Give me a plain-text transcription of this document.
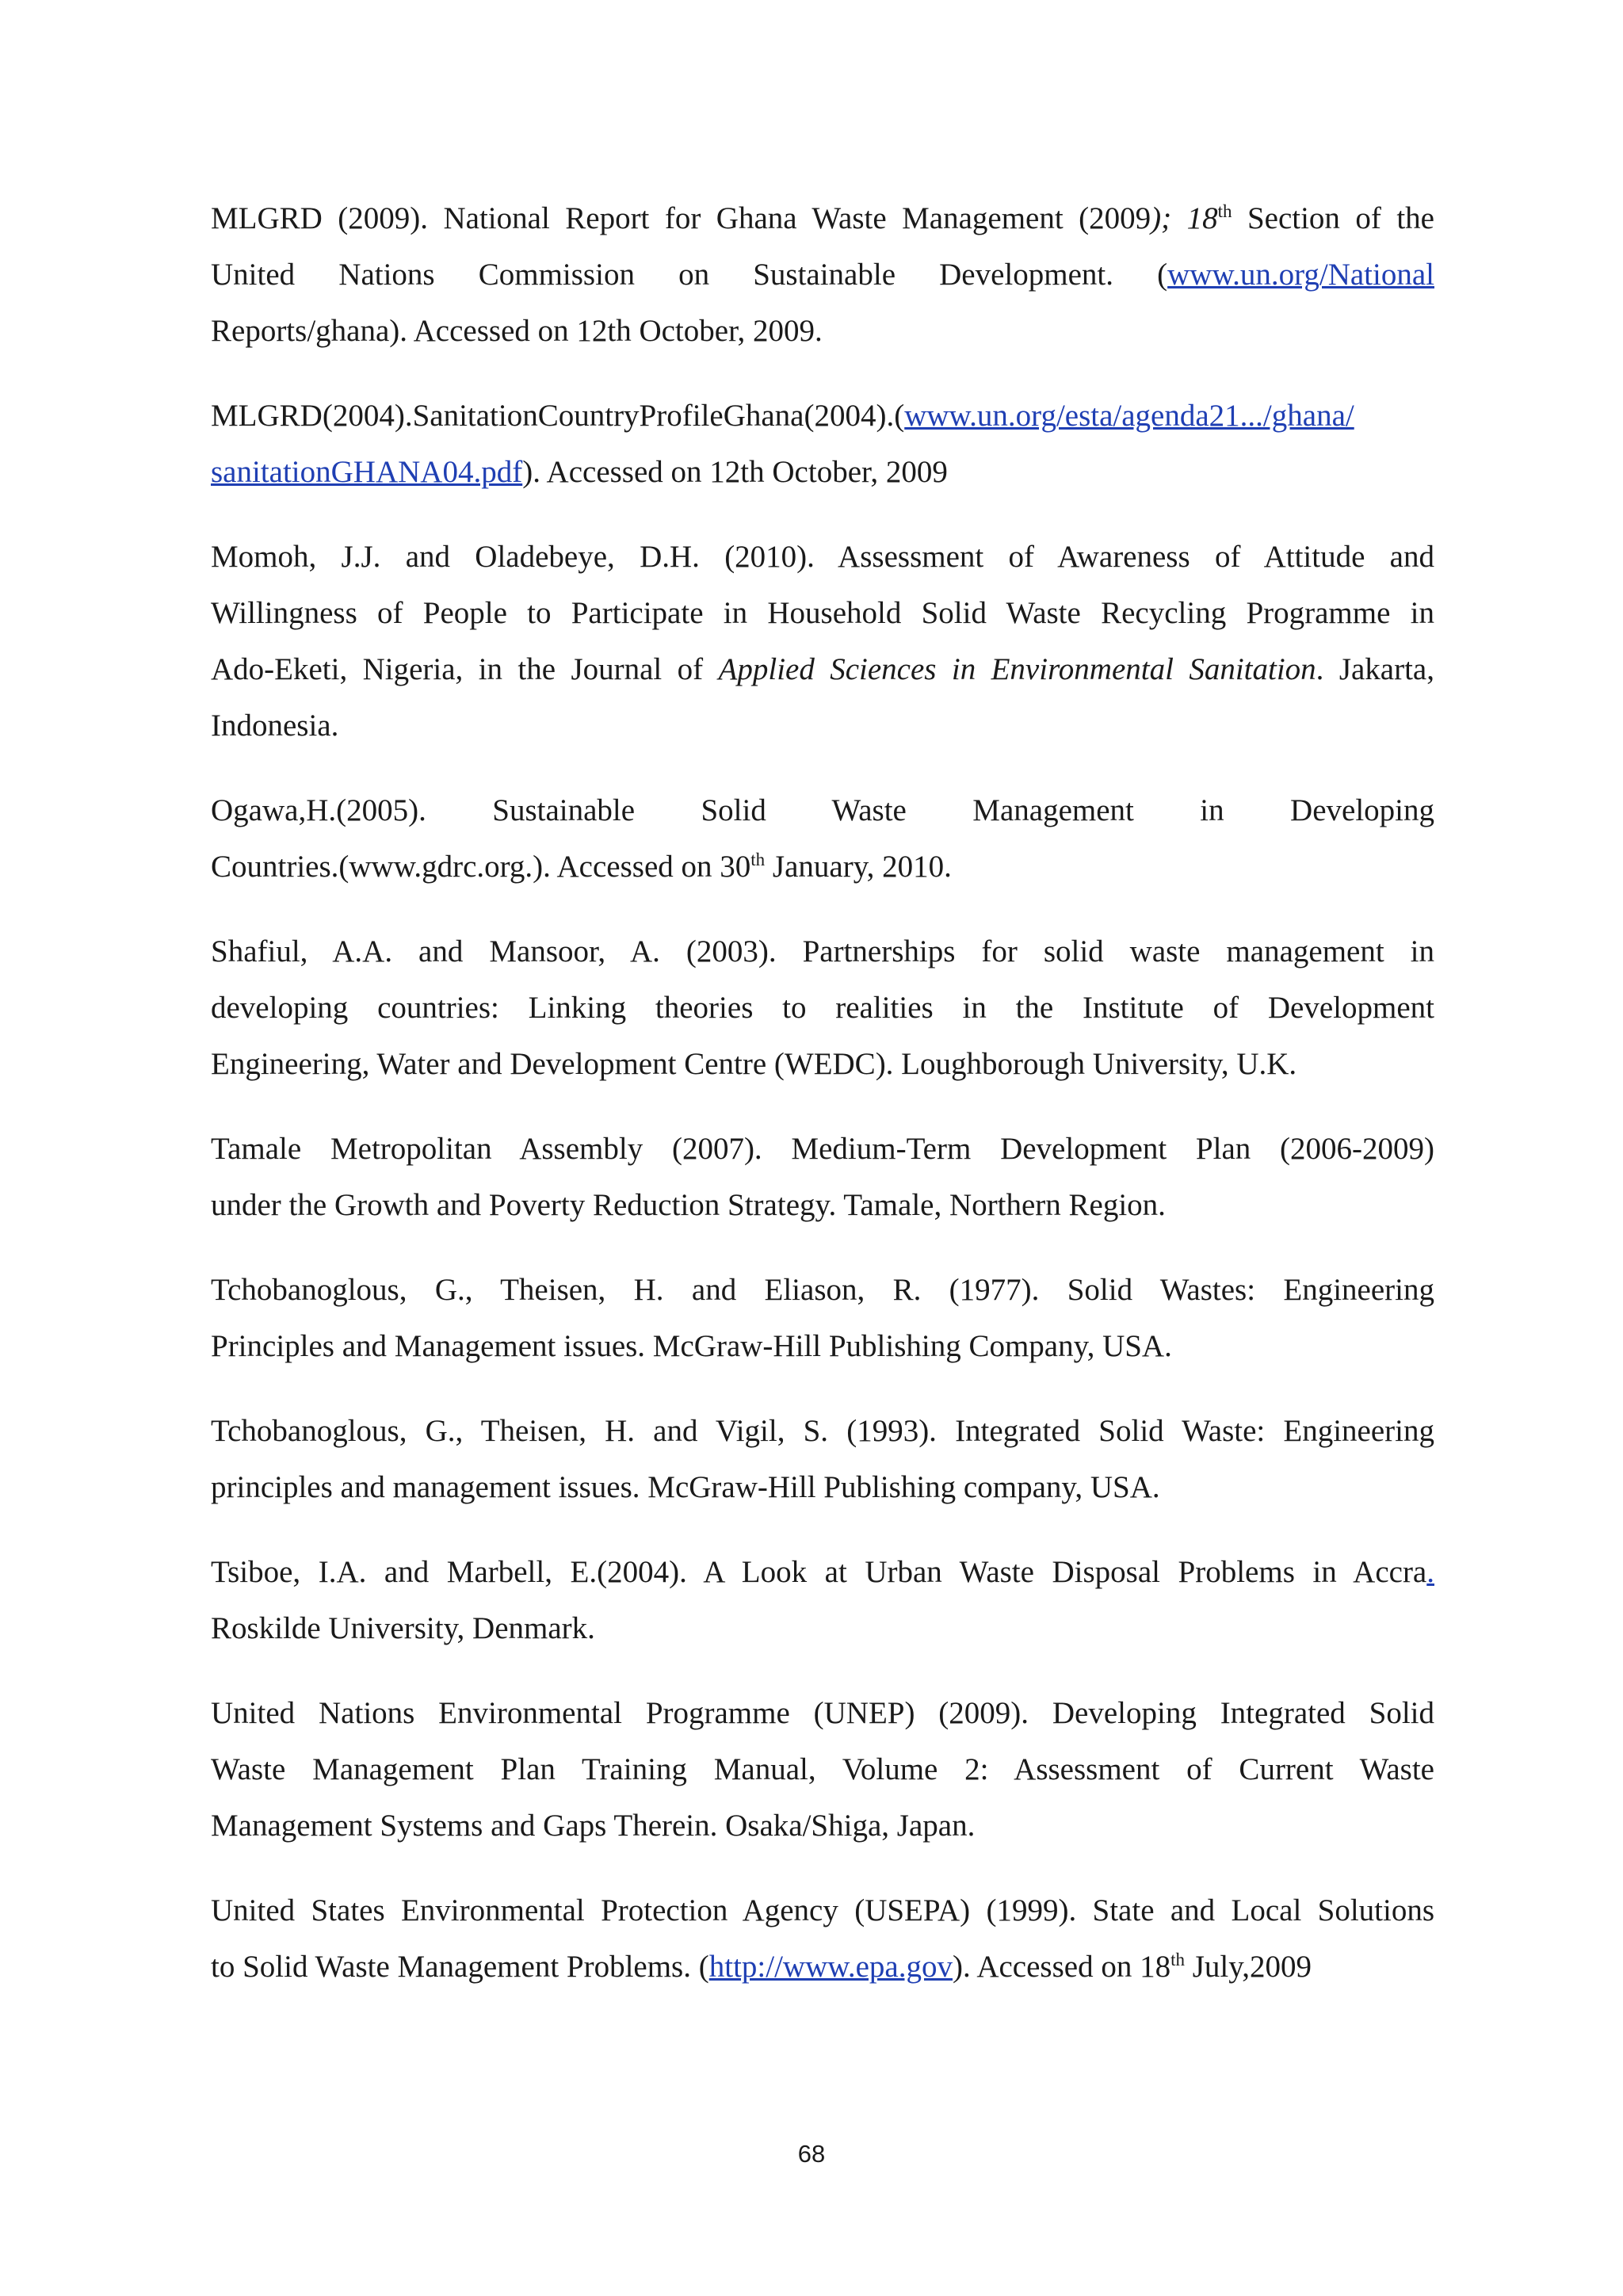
MLGRD (2009). National Report for Ghana Waste Management (2009); 18th Section of the
United Nations Commission on Sustainable Development. (www.un.org/National
Reports/ghana). Accessed on 12th October, 2009.
MLGRD(2004).SanitationCountryProfileGhana(2004).(www.un.org/esta/agenda21.../ghana/
sanitationGHANA04.pdf). Accessed on 12th October, 2009
Momoh, J.J. and Oladebeye, D.H. (2010). Assessment of Awareness of Attitude and
Willingness of People to Participate in Household Solid Waste Recycling Programme in
Ado-Eketi, Nigeria, in the Journal of Applied Sciences in Environmental Sanitation. Jakarta,
Indonesia.
Ogawa,H.(2005). Sustainable Solid Waste Management in Developing
Countries.(www.gdrc.org.). Accessed on 30th January, 2010.
Shafiul, A.A. and Mansoor, A. (2003). Partnerships for solid waste management in
developing countries: Linking theories to realities in the Institute of Development
Engineering, Water and Development Centre (WEDC). Loughborough University, U.K.
Tamale Metropolitan Assembly (2007). Medium-Term Development Plan (2006-2009)
under the Growth and Poverty Reduction Strategy. Tamale, Northern Region.
Tchobanoglous, G., Theisen, H. and Eliason, R. (1977). Solid Wastes: Engineering
Principles and Management issues. McGraw-Hill Publishing Company, USA.
Tchobanoglous, G., Theisen, H. and Vigil, S. (1993). Integrated Solid Waste: Engineering
principles and management issues. McGraw-Hill Publishing company, USA.
Tsiboe, I.A. and Marbell, E.(2004). A Look at Urban Waste Disposal Problems in Accra.
Roskilde University, Denmark.
United Nations Environmental Programme (UNEP) (2009). Developing Integrated Solid
Waste Management Plan Training Manual, Volume 2: Assessment of Current Waste
Management Systems and Gaps Therein. Osaka/Shiga, Japan.
United States Environmental Protection Agency (USEPA) (1999). State and Local Solutions
to Solid Waste Management Problems. (http://www.epa.gov). Accessed on 18th July,2009
68
